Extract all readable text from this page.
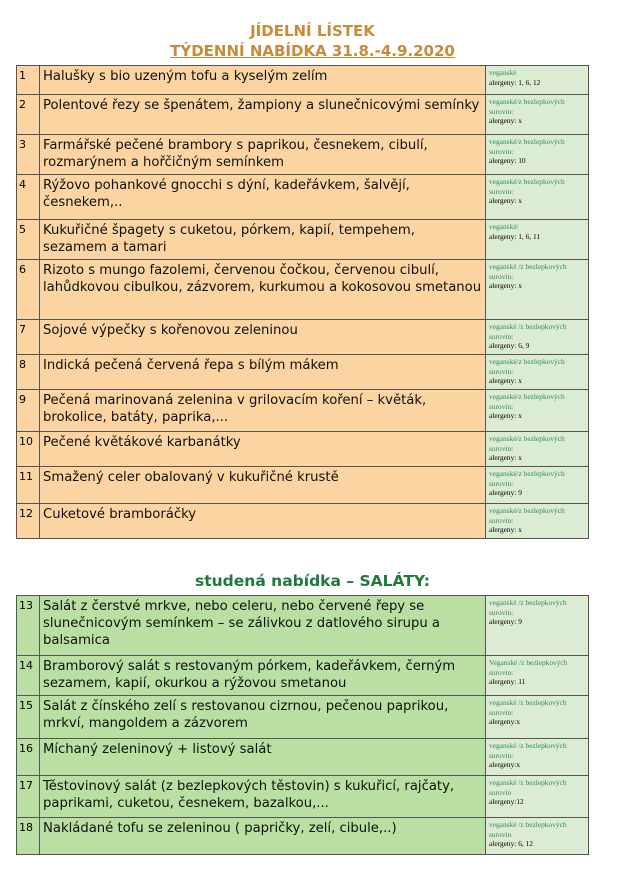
JÍDELNÍ LÍSTEK
TÝDENNÍ NABÍDKA 31.8.-4.9.2020
1	Halušky s bio uzeným tofu a kyselým zelím	veganské
alergeny: 1, 6, 12

2	Polentové řezy se špenátem, žampiony a slunečnicovými semínky	veganské/z bezlepkových surovin:
alergeny: x

3	Farmářské pečené brambory s paprikou, česnekem, cibulí, rozmarýnem a hořčičným semínkem	veganské/z bezlepkových surovin:
alergeny: 10

4	Rýžovo pohankové gnocchi s dýní, kadeřávkem, šalvějí, česnekem,..	veganské/z bezlepkových surovin:
alergeny: x

5	Kukuřičné špagety s cuketou, pórkem, kapií, tempehem, sezamem a tamari	veganské/
alergeny: 1, 6, 11

6	Rizoto s mungo fazolemi, červenou čočkou, červenou cibulí, lahůdkovou cibulkou, zázvorem, kurkumou a kokosovou smetanou	veganské /z bezlepkových surovin:
alergeny: x

7	Sojové výpečky s kořenovou zeleninou	veganské /z bezlepkových surovin:
alergeny: 6, 9

8	Indická pečená červená řepa s bílým mákem	veganské/z bezlepkových surovin:
alergeny: x

9	Pečená marinovaná zelenina v grilovacím koření – květák, brokolice, batáty, paprika,...	veganské/z bezlepkových surovin:
alergeny: x

10	Pečené květákové karbanátky	veganské/z bezlepkových surovin:
alergeny: x

11	Smažený celer obalovaný v kukuřičné krustě	veganské/z bezlepkových surovin:
alergeny: 9

12	Cuketové bramboráčky	veganské/z bezlepkových surovin:
alergeny: x
studená nabídka – SALÁTY:
13	Salát z čerstvé mrkve, nebo celeru, nebo červené řepy se slunečnicovým semínkem – se zálivkou z datlového sirupu a balsamica	veganské /z bezlepkových surovin:
alergeny: 9

14	Bramborový salát s restovaným pórkem, kadeřávkem, černým sezamem, kapií, okurkou a rýžovou smetanou	Veganské /z bezlepkových surovin:
alergeny: 11

15	Salát z čínského zelí s restovanou cizrnou, pečenou paprikou, mrkví, mangoldem a zázvorem	veganské /z bezlepkových surovin:
alergeny:x

16	Míchaný zeleninový + listový salát	veganské /z bezlepkových surovin:
alergeny:x

17	Těstovinový salát (z bezlepkových těstovin) s kukuřicí, rajčaty, paprikami, cuketou, česnekem, bazalkou,...	veganské /z bezlepkových surovin
alergeny:12

18	Nakládané tofu se zeleninou ( papričky, zelí, cibule,..)	veganské /z bezlepkových surovin
alergeny: 6, 12
